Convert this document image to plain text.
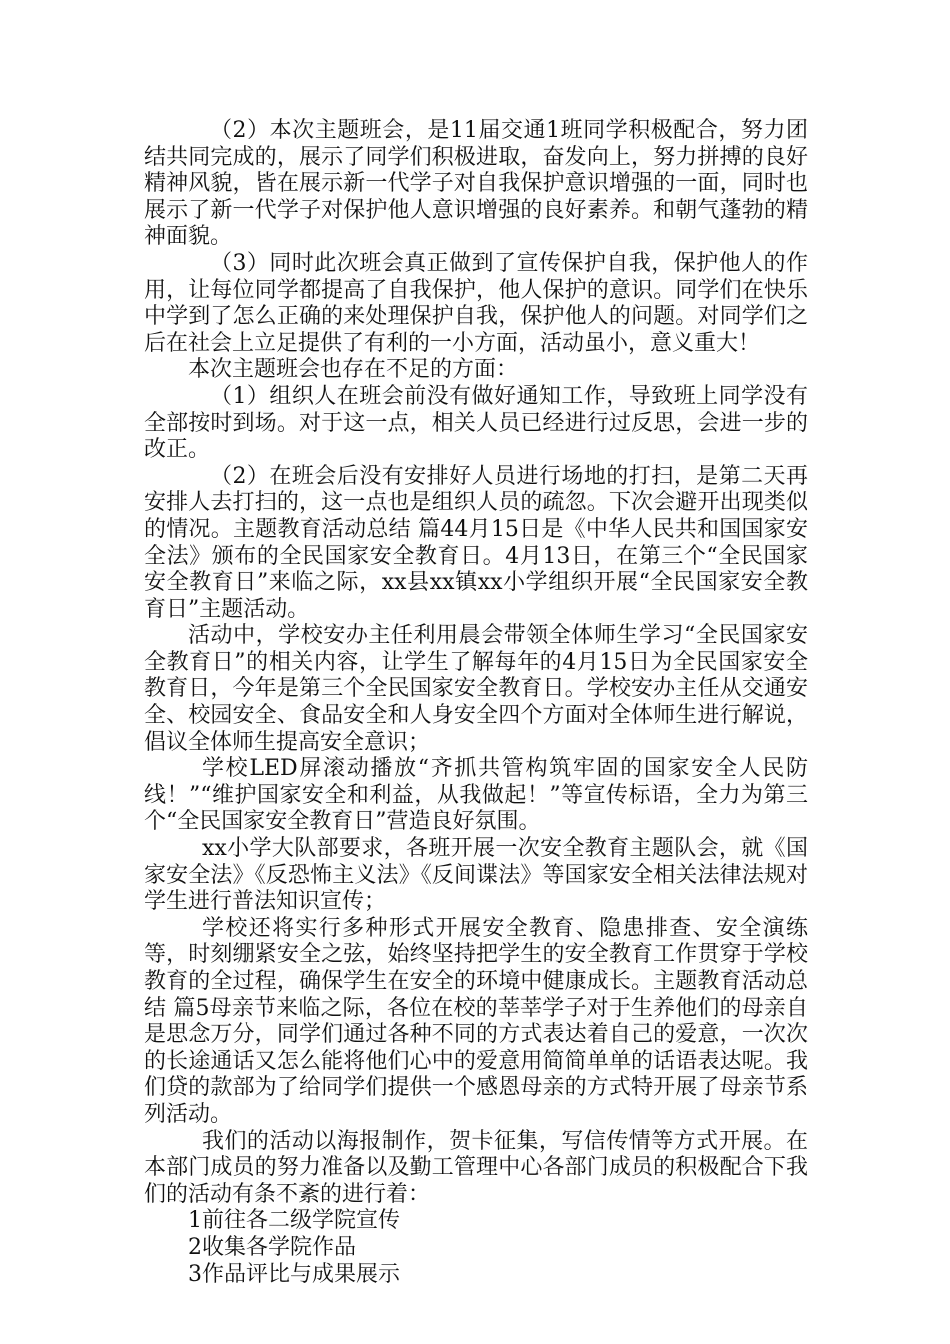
（2）本次主题班会，是11届交通1班同学积极配合，努力团结共同完成的，展示了同学们积极进取，奋发向上，努力拼搏的良好精神风貌，皆在展示新一代学子对自我保护意识增强的一面，同时也展示了新一代学子对保护他人意识增强的良好素养。和朝气蓬勃的精神面貌。

（3）同时此次班会真正做到了宣传保护自我，保护他人的作用，让每位同学都提高了自我保护，他人保护的意识。同学们在快乐中学到了怎么正确的来处理保护自我，保护他人的问题。对同学们之后在社会上立足提供了有利的一小方面，活动虽小，意义重大！

本次主题班会也存在不足的方面：

（1）组织人在班会前没有做好通知工作，导致班上同学没有全部按时到场。对于这一点，相关人员已经进行过反思，会进一步的改正。

（2）在班会后没有安排好人员进行场地的打扫，是第二天再安排人去打扫的，这一点也是组织人员的疏忽。下次会避开出现类似的情况。主题教育活动总结 篇44月15日是《中华人民共和国国家安全法》颁布的全民国家安全教育日。4月13日，在第三个“全民国家安全教育日”来临之际，xx县xx镇xx小学组织开展“全民国家安全教育日”主题活动。

活动中，学校安办主任利用晨会带领全体师生学习“全民国家安全教育日”的相关内容，让学生了解每年的4月15日为全民国家安全教育日，今年是第三个全民国家安全教育日。学校安办主任从交通安全、校园安全、食品安全和人身安全四个方面对全体师生进行解说，倡议全体师生提高安全意识；

学校LED屏滚动播放“齐抓共管构筑牢固的国家安全人民防线！”“维护国家安全和利益，从我做起！”等宣传标语，全力为第三个“全民国家安全教育日”营造良好氛围。

xx小学大队部要求，各班开展一次安全教育主题队会，就《国家安全法》《反恐怖主义法》《反间谍法》等国家安全相关法律法规对学生进行普法知识宣传；

学校还将实行多种形式开展安全教育、隐患排查、安全演练等，时刻绷紧安全之弦，始终坚持把学生的安全教育工作贯穿于学校教育的全过程，确保学生在安全的环境中健康成长。主题教育活动总结 篇5母亲节来临之际，各位在校的莘莘学子对于生养他们的母亲自是思念万分，同学们通过各种不同的方式表达着自己的爱意，一次次的长途通话又怎么能将他们心中的爱意用简简单单的话语表达呢。我们贷的款部为了给同学们提供一个感恩母亲的方式特开展了母亲节系列活动。

我们的活动以海报制作，贺卡征集，写信传情等方式开展。在本部门成员的努力准备以及勤工管理中心各部门成员的积极配合下我们的活动有条不紊的进行着：

1前往各二级学院宣传

2收集各学院作品

3作品评比与成果展示
